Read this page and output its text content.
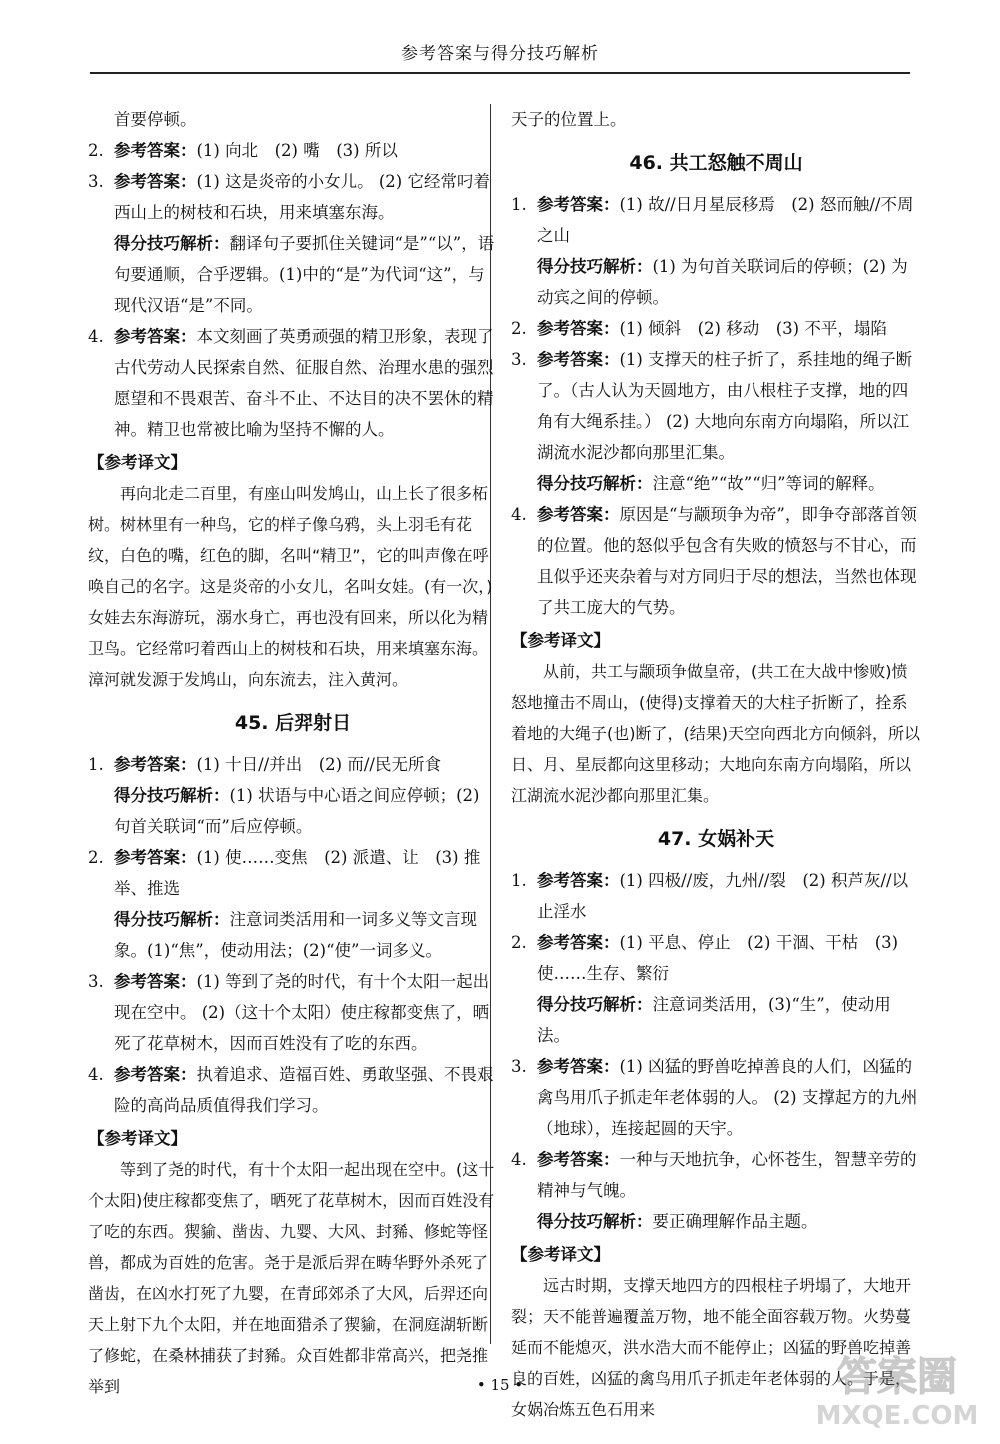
参考答案与得分技巧解析

首要停顿。

2. 参考答案：(1) 向北　(2) 嘴　(3) 所以
3. 参考答案：(1) 这是炎帝的小女儿。 (2) 它经常叼着西山上的树枝和石块，用来填塞东海。

得分技巧解析：翻译句子要抓住关键词“是”“以”，语句要通顺，合乎逻辑。(1)中的“是”为代词“这”，与现代汉语“是”不同。

4. 参考答案：本文刻画了英勇顽强的精卫形象，表现了古代劳动人民探索自然、征服自然、治理水患的强烈愿望和不畏艰苦、奋斗不止、不达目的决不罢休的精神。精卫也常被比喻为坚持不懈的人。

【参考译文】

再向北走二百里，有座山叫发鸠山，山上长了很多柘树。树林里有一种鸟，它的样子像乌鸦，头上羽毛有花纹，白色的嘴，红色的脚，名叫“精卫”，它的叫声像在呼唤自己的名字。这是炎帝的小女儿，名叫女娃。(有一次，)女娃去东海游玩，溺水身亡，再也没有回来，所以化为精卫鸟。它经常叼着西山上的树枝和石块，用来填塞东海。漳河就发源于发鸠山，向东流去，注入黄河。

45. 后羿射日
1. 参考答案：(1) 十日//并出　(2) 而//民无所食

得分技巧解析：(1) 状语与中心语之间应停顿；(2) 句首关联词“而”后应停顿。

2. 参考答案：(1) 使……变焦　(2) 派遣、让　(3) 推举、推选

得分技巧解析：注意词类活用和一词多义等文言现象。(1)“焦”，使动用法；(2)“使”一词多义。

3. 参考答案：(1) 等到了尧的时代，有十个太阳一起出现在空中。 (2)（这十个太阳）使庄稼都变焦了，晒死了花草树木，因而百姓没有了吃的东西。
4. 参考答案：执着追求、造福百姓、勇敢坚强、不畏艰险的高尚品质值得我们学习。

【参考译文】

等到了尧的时代，有十个太阳一起出现在空中。(这十个太阳)使庄稼都变焦了，晒死了花草树木，因而百姓没有了吃的东西。猰貐、凿齿、九婴、大风、封豨、修蛇等怪兽，都成为百姓的危害。尧于是派后羿在畴华野外杀死了凿齿，在凶水打死了九婴，在青邱郊杀了大风，后羿还向天上射下九个太阳，并在地面猎杀了猰貐，在洞庭湖斩断了修蛇，在桑林捕获了封豨。众百姓都非常高兴，把尧推举到

天子的位置上。

46. 共工怒触不周山
1. 参考答案：(1) 故//日月星辰移焉　(2) 怒而触//不周之山

得分技巧解析：(1) 为句首关联词后的停顿；(2) 为动宾之间的停顿。

2. 参考答案：(1) 倾斜　(2) 移动　(3) 不平，塌陷
3. 参考答案：(1) 支撑天的柱子折了，系挂地的绳子断了。（古人认为天圆地方，由八根柱子支撑，地的四角有大绳系挂。） (2) 大地向东南方向塌陷，所以江湖流水泥沙都向那里汇集。

得分技巧解析：注意“绝”“故”“归”等词的解释。

4. 参考答案：原因是“与颛顼争为帝”，即争夺部落首领的位置。他的怒似乎包含有失败的愤怒与不甘心，而且似乎还夹杂着与对方同归于尽的想法，当然也体现了共工庞大的气势。

【参考译文】

从前，共工与颛顼争做皇帝，(共工在大战中惨败)愤怒地撞击不周山，(使得)支撑着天的大柱子折断了，拴系着地的大绳子(也)断了，(结果)天空向西北方向倾斜，所以日、月、星辰都向这里移动；大地向东南方向塌陷，所以江湖流水泥沙都向那里汇集。

47. 女娲补天
1. 参考答案：(1) 四极//废，九州//裂　(2) 积芦灰//以止淫水
2. 参考答案：(1) 平息、停止　(2) 干涸、干枯　(3) 使……生存、繁衍

得分技巧解析：注意词类活用，(3)“生”，使动用法。

3. 参考答案：(1) 凶猛的野兽吃掉善良的人们，凶猛的禽鸟用爪子抓走年老体弱的人。 (2) 支撑起方的九州（地球），连接起圆的天宇。
4. 参考答案：一种与天地抗争，心怀苍生，智慧辛劳的精神与气魄。

得分技巧解析：要正确理解作品主题。

【参考译文】

远古时期，支撑天地四方的四根柱子坍塌了，大地开裂；天不能普遍覆盖万物，地不能全面容载万物。火势蔓延而不能熄灭，洪水浩大而不能停止；凶猛的野兽吃掉善良的百姓，凶猛的禽鸟用爪子抓走年老体弱的人。于是，女娲冶炼五色石用来

• 15 •	答案圈
MXQE.COM
